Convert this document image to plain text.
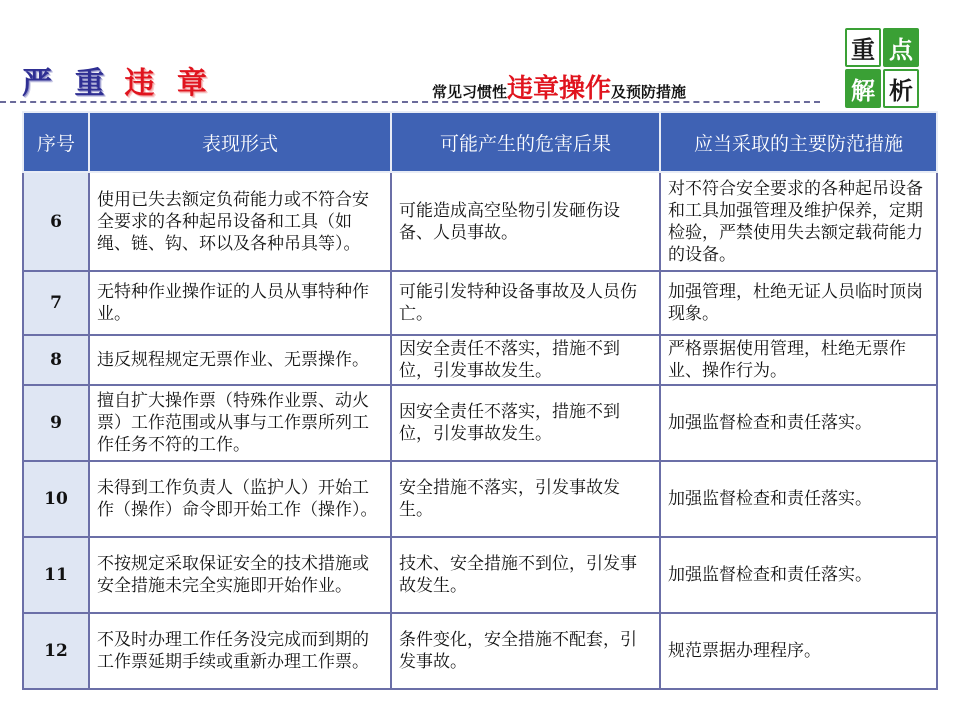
严 重 违 章	常见习惯性违章操作及预防措施
重 点
解 析
序号	表现形式	可能产生的危害后果	应当采取的主要防范措施
6	使用已失去额定负荷能力或不符合安全要求的各种起吊设备和工具（如绳、链、钩、环以及各种吊具等）。	可能造成高空坠物引发砸伤设备、人员事故。	对不符合安全要求的各种起吊设备和工具加强管理及维护保养，定期检验，严禁使用失去额定载荷能力的设备。
7	无特种作业操作证的人员从事特种作业。	可能引发特种设备事故及人员伤亡。	加强管理，杜绝无证人员临时顶岗现象。
8	违反规程规定无票作业、无票操作。	因安全责任不落实，措施不到位，引发事故发生。	严格票据使用管理，杜绝无票作业、操作行为。
9	擅自扩大操作票（特殊作业票、动火票）工作范围或从事与工作票所列工作任务不符的工作。	因安全责任不落实，措施不到位，引发事故发生。	加强监督检查和责任落实。
10	未得到工作负责人（监护人）开始工作（操作）命令即开始工作（操作）。	安全措施不落实，引发事故发生。	加强监督检查和责任落实。
11	不按规定采取保证安全的技术措施或安全措施未完全实施即开始作业。	技术、安全措施不到位，引发事故发生。	加强监督检查和责任落实。
12	不及时办理工作任务没完成而到期的工作票延期手续或重新办理工作票。	条件变化，安全措施不配套，引发事故。	规范票据办理程序。
